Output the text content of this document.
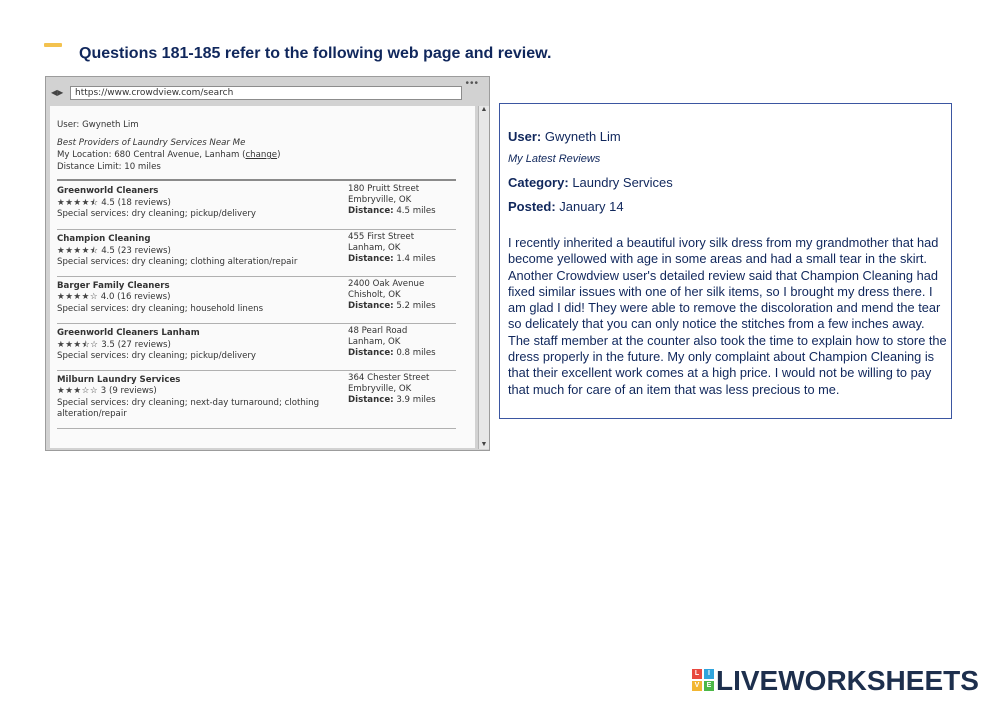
Questions 181-185 refer to the following web page and review.
•••
◀▶	https://www.crowdview.com/search
User: Gwyneth Lim
Best Providers of Laundry Services Near Me
My Location: 680 Central Avenue, Lanham (change)
Distance Limit: 10 miles
Greenworld Cleaners
★★★★⯪ 4.5 (18 reviews)
Special services: dry cleaning; pickup/delivery
180 Pruitt Street
Embryville, OK
Distance: 4.5 miles
Champion Cleaning
★★★★⯪ 4.5 (23 reviews)
Special services: dry cleaning; clothing alteration/repair
455 First Street
Lanham, OK
Distance: 1.4 miles
Barger Family Cleaners
★★★★☆ 4.0 (16 reviews)
Special services: dry cleaning; household linens
2400 Oak Avenue
Chisholt, OK
Distance: 5.2 miles
Greenworld Cleaners Lanham
★★★⯪☆ 3.5 (27 reviews)
Special services: dry cleaning; pickup/delivery
48 Pearl Road
Lanham, OK
Distance: 0.8 miles
Milburn Laundry Services
★★★☆☆ 3 (9 reviews)
Special services: dry cleaning; next-day turnaround; clothing alteration/repair
364 Chester Street
Embryville, OK
Distance: 3.9 miles
▲
▼
User: Gwyneth Lim
My Latest Reviews
Category: Laundry Services
Posted: January 14
I recently inherited a beautiful ivory silk dress from my grandmother that had become yellowed with age in some areas and had a small tear in the skirt. Another Crowdview user's detailed review said that Champion Cleaning had fixed similar issues with one of her silk items, so I brought my dress there. I am glad I did! They were able to remove the discoloration and mend the tear so delicately that you can only notice the stitches from a few inches away. The staff member at the counter also took the time to explain how to store the dress properly in the future. My only complaint about Champion Cleaning is that their excellent work comes at a high price. I would not be willing to pay that much for care of an item that was less precious to me.
L	I
V	E LIVEWORKSHEETS
